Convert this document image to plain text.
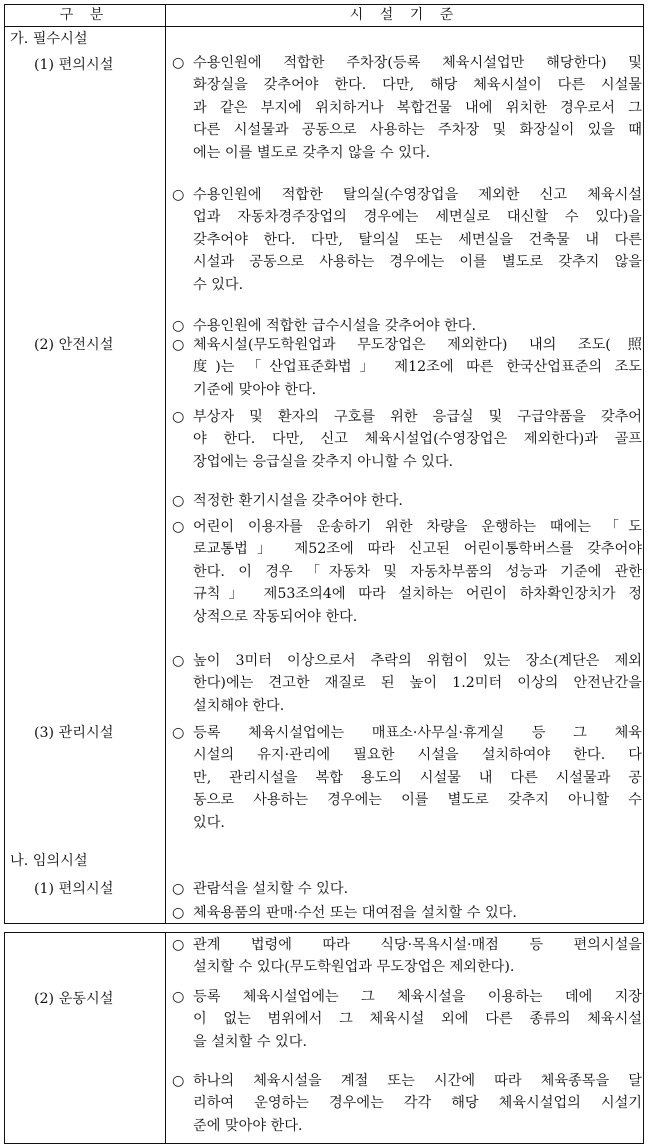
구 분	시 설 기 준
가. 필수시설
(1) 편의시설
(2) 안전시설
(3) 관리시설
나. 임의시설
(1) 편의시설
○ 수용인원에 적합한 주차장(등록 체육시설업만 해당한다) 및
화장실을 갖추어야 한다. 다만, 해당 체육시설이 다른 시설물
과 같은 부지에 위치하거나 복합건물 내에 위치한 경우로서 그
다른 시설물과 공동으로 사용하는 주차장 및 화장실이 있을 때
에는 이를 별도로 갖추지 않을 수 있다.
○ 수용인원에 적합한 탈의실(수영장업을 제외한 신고 체육시설
업과 자동차경주장업의 경우에는 세면실로 대신할 수 있다)을
갖추어야 한다. 다만, 탈의실 또는 세면실을 건축물 내 다른
시설과 공동으로 사용하는 경우에는 이를 별도로 갖추지 않을
수 있다.
○ 수용인원에 적합한 급수시설을 갖추어야 한다.
○ 체육시설(무도학원업과 무도장업은 제외한다) 내의 조도(照
度)는 「산업표준화법」 제12조에 따른 한국산업표준의 조도
기준에 맞아야 한다.
○ 부상자 및 환자의 구호를 위한 응급실 및 구급약품을 갖추어
야 한다. 다만, 신고 체육시설업(수영장업은 제외한다)과 골프
장업에는 응급실을 갖추지 아니할 수 있다.
○ 적정한 환기시설을 갖추어야 한다.
○ 어린이 이용자를 운송하기 위한 차량을 운행하는 때에는 「도
로교통법」 제52조에 따라 신고된 어린이통학버스를 갖추어야
한다. 이 경우 「자동차 및 자동차부품의 성능과 기준에 관한
규칙」 제53조의4에 따라 설치하는 어린이 하차확인장치가 정
상적으로 작동되어야 한다.
○ 높이 3미터 이상으로서 추락의 위험이 있는 장소(계단은 제외
한다)에는 견고한 재질로 된 높이 1.2미터 이상의 안전난간을
설치해야 한다.
○ 등록 체육시설업에는 매표소·사무실·휴게실 등 그 체육
시설의 유지·관리에 필요한 시설을 설치하여야 한다. 다
만, 관리시설을 복합 용도의 시설물 내 다른 시설물과 공
동으로 사용하는 경우에는 이를 별도로 갖추지 아니할 수
있다.
○ 관람석을 설치할 수 있다.
○ 체육용품의 판매·수선 또는 대여점을 설치할 수 있다.
(2) 운동시설
○ 관계 법령에 따라 식당·목욕시설·매점 등 편의시설을
설치할 수 있다(무도학원업과 무도장업은 제외한다).
○ 등록 체육시설업에는 그 체육시설을 이용하는 데에 지장
이 없는 범위에서 그 체육시설 외에 다른 종류의 체육시설
을 설치할 수 있다.
○ 하나의 체육시설을 계절 또는 시간에 따라 체육종목을 달
리하여 운영하는 경우에는 각각 해당 체육시설업의 시설기
준에 맞아야 한다.
